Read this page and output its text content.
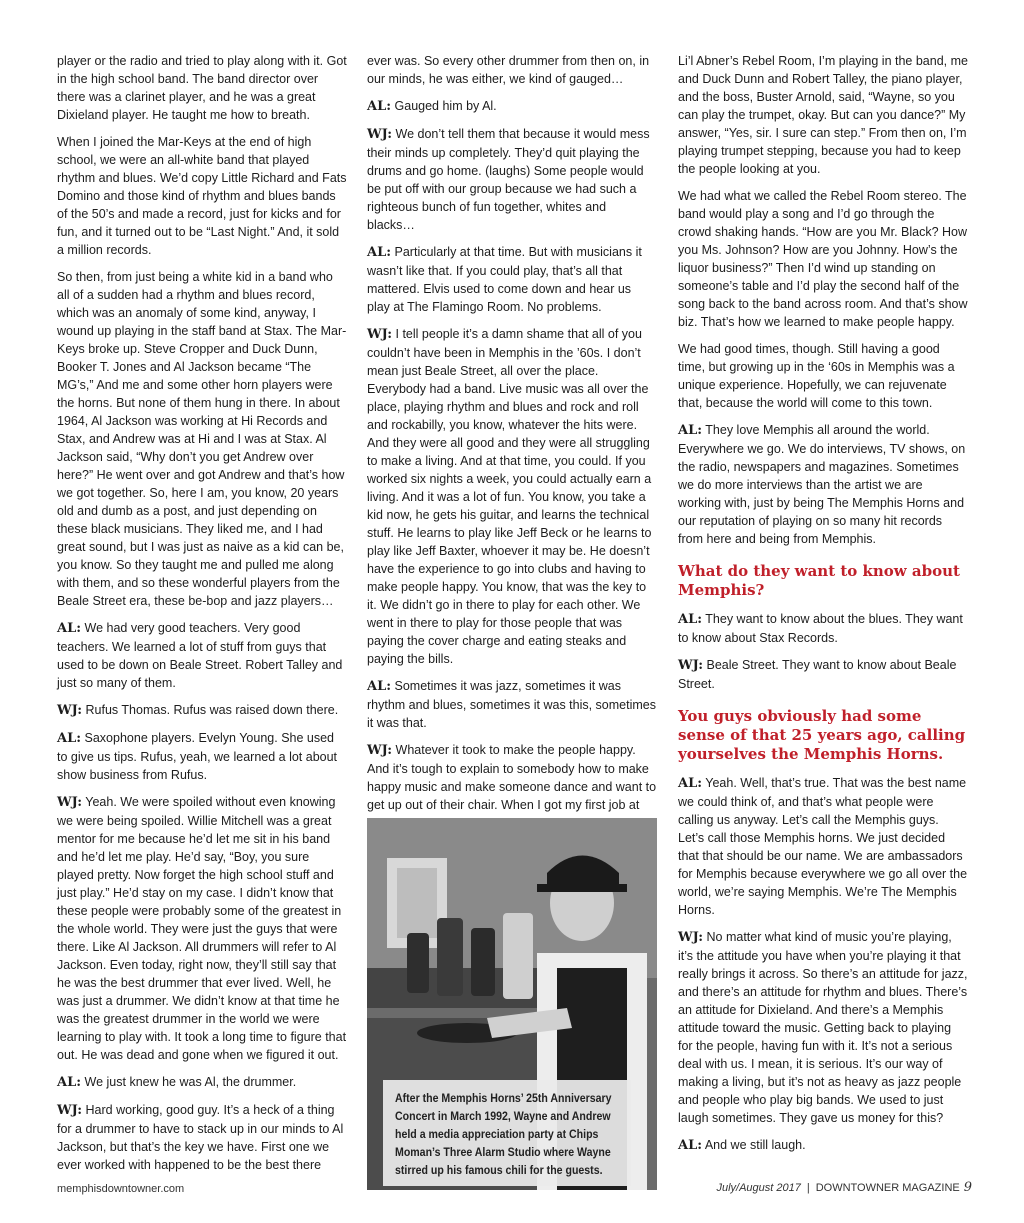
player or the radio and tried to play along with it. Got in the high school band. The band director over there was a clarinet player, and he was a great Dixieland player. He taught me how to breath.
When I joined the Mar-Keys at the end of high school, we were an all-white band that played rhythm and blues. We’d copy Little Richard and Fats Domino and those kind of rhythm and blues bands of the 50’s and made a record, just for kicks and for fun, and it turned out to be “Last Night.” And, it sold a million records.
So then, from just being a white kid in a band who all of a sudden had a rhythm and blues record, which was an anomaly of some kind, anyway, I wound up playing in the staff band at Stax. The Mar-Keys broke up. Steve Cropper and Duck Dunn, Booker T. Jones and Al Jackson became “The MG’s,” And me and some other horn players were the horns. But none of them hung in there. In about 1964, Al Jackson was working at Hi Records and Stax, and Andrew was at Hi and I was at Stax. Al Jackson said, “Why don’t you get Andrew over here?” He went over and got Andrew and that’s how we got together. So, here I am, you know, 20 years old and dumb as a post, and just depending on these black musicians. They liked me, and I had great sound, but I was just as naive as a kid can be, you know. So they taught me and pulled me along with them, and so these wonderful players from the Beale Street era, these be-bop and jazz players…
AL: We had very good teachers. Very good teachers. We learned a lot of stuff from guys that used to be down on Beale Street. Robert Talley and just so many of them.
WJ: Rufus Thomas. Rufus was raised down there.
AL: Saxophone players. Evelyn Young. She used to give us tips. Rufus, yeah, we learned a lot about show business from Rufus.
WJ: Yeah. We were spoiled without even knowing we were being spoiled. Willie Mitchell was a great mentor for me because he’d let me sit in his band and he’d let me play. He’d say, “Boy, you sure played pretty. Now forget the high school stuff and just play.” He’d stay on my case. I didn’t know that these people were probably some of the greatest in the whole world. They were just the guys that were there. Like Al Jackson. All drummers will refer to Al Jackson. Even today, right now, they’ll still say that he was the best drummer that ever lived. Well, he was just a drummer. We didn’t know at that time he was the greatest drummer in the world we were learning to play with. It took a long time to figure that out. He was dead and gone when we figured it out.
AL: We just knew he was Al, the drummer.
WJ: Hard working, good guy. It’s a heck of a thing for a drummer to have to stack up in our minds to Al Jackson, but that’s the key we have. First one we ever worked with happened to be the best there
ever was. So every other drummer from then on, in our minds, he was either, we kind of gauged…
AL: Gauged him by Al.
WJ: We don’t tell them that because it would mess their minds up completely. They’d quit playing the drums and go home. (laughs) Some people would be put off with our group because we had such a righteous bunch of fun together, whites and blacks…
AL: Particularly at that time. But with musicians it wasn’t like that. If you could play, that’s all that mattered. Elvis used to come down and hear us play at The Flamingo Room. No problems.
WJ: I tell people it’s a damn shame that all of you couldn’t have been in Memphis in the ’60s. I don’t mean just Beale Street, all over the place. Everybody had a band. Live music was all over the place, playing rhythm and blues and rock and roll and rockabilly, you know, whatever the hits were. And they were all good and they were all struggling to make a living. And at that time, you could. If you worked six nights a week, you could actually earn a living. And it was a lot of fun. You know, you take a kid now, he gets his guitar, and learns the technical stuff. He learns to play like Jeff Beck or he learns to play like Jeff Baxter, whoever it may be. He doesn’t have the experience to go into clubs and having to make people happy. You know, that was the key to it. We didn’t go in there to play for each other. We went in there to play for those people that was paying the cover charge and eating steaks and paying the bills.
AL: Sometimes it was jazz, sometimes it was rhythm and blues, sometimes it was this, sometimes it was that.
WJ: Whatever it took to make the people happy. And it’s tough to explain to somebody how to make happy music and make someone dance and want to get up out of their chair. When I got my first job at
After the Memphis Horns’ 25th Anniversary Concert in March 1992, Wayne and Andrew held a media appreciation party at Chips Moman’s Three Alarm Studio where Wayne stirred up his famous chili for the guests.
Li’l Abner’s Rebel Room, I’m playing in the band, me and Duck Dunn and Robert Talley, the piano player, and the boss, Buster Arnold, said, “Wayne, so you can play the trumpet, okay. But can you dance?” My answer, “Yes, sir. I sure can step.” From then on, I’m playing trumpet stepping, because you had to keep the people looking at you.
We had what we called the Rebel Room stereo. The band would play a song and I’d go through the crowd shaking hands. “How are you Mr. Black? How you Ms. Johnson? How are you Johnny. How’s the liquor business?” Then I’d wind up standing on someone’s table and I’d play the second half of the song back to the band across room. And that’s show biz. That’s how we learned to make people happy.
We had good times, though. Still having a good time, but growing up in the ‘60s in Memphis was a unique experience. Hopefully, we can rejuvenate that, because the world will come to this town.
AL: They love Memphis all around the world. Everywhere we go. We do interviews, TV shows, on the radio, newspapers and magazines. Sometimes we do more interviews than the artist we are working with, just by being The Memphis Horns and our reputation of playing on so many hit records from here and being from Memphis.
What do they want to know about Memphis?
AL: They want to know about the blues. They want to know about Stax Records.
WJ: Beale Street. They want to know about Beale Street.
You guys obviously had some sense of that 25 years ago, calling yourselves the Memphis Horns.
AL: Yeah. Well, that’s true. That was the best name we could think of, and that’s what people were calling us anyway. Let’s call the Memphis guys. Let’s call those Memphis horns. We just decided that that should be our name. We are ambassadors for Memphis because everywhere we go all over the world, we’re saying Memphis. We’re The Memphis Horns.
WJ: No matter what kind of music you’re playing, it’s the attitude you have when you’re playing it that really brings it across. So there’s an attitude for jazz, and there’s an attitude for rhythm and blues. There’s an attitude for Dixieland. And there’s a Memphis attitude toward the music. Getting back to playing for the people, having fun with it. It’s not a serious deal with us. I mean, it is serious. It’s our way of making a living, but it’s not as heavy as jazz people and people who play big bands. We used to just laugh sometimes. They gave us money for this?
AL: And we still laugh.
memphisdowntowner.com	July/August 2017 | DOWNTOWNER MAGAZINE 9
